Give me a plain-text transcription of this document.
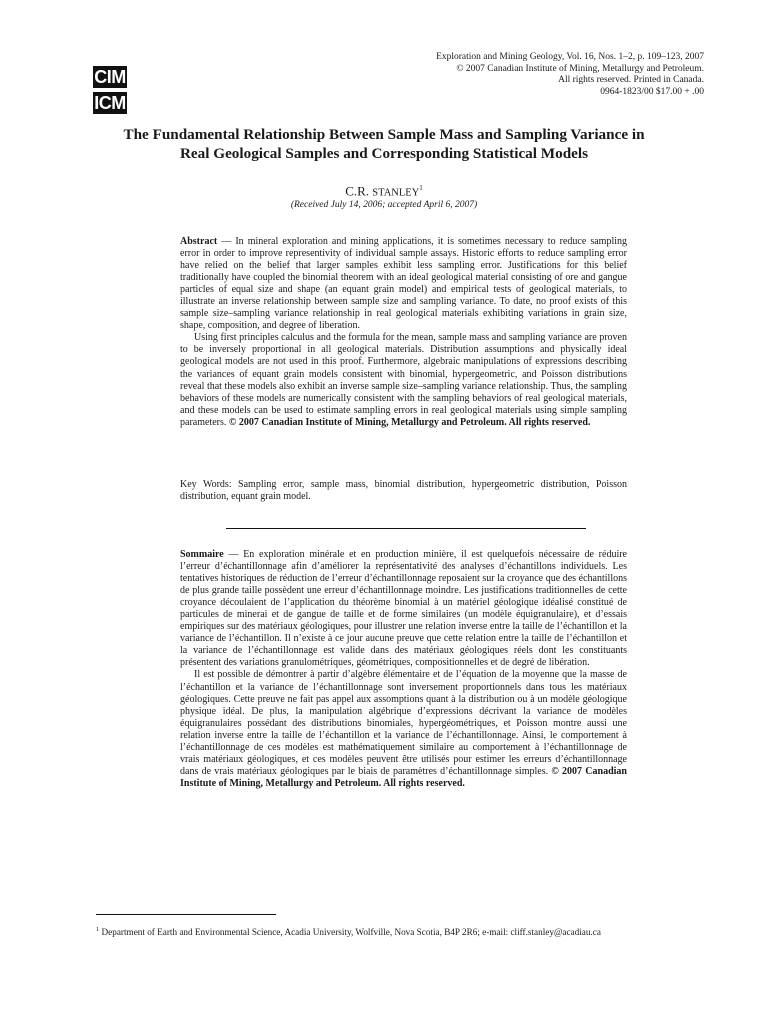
CIM
ICM
Exploration and Mining Geology, Vol. 16, Nos. 1–2, p. 109–123, 2007
© 2007 Canadian Institute of Mining, Metallurgy and Petroleum.
All rights reserved. Printed in Canada.
0964-1823/00 $17.00 + .00
The Fundamental Relationship Between Sample Mass and Sampling Variance in
Real Geological Samples and Corresponding Statistical Models
C.R. STANLEY$^1$
(Received July 14, 2006; accepted April 6, 2007)

Abstract — In mineral exploration and mining applications, it is sometimes necessary to reduce sampling error in order to improve representivity of individual sample assays. Historic efforts to reduce sampling error have relied on the belief that larger samples exhibit less sampling error. Justifications for this belief traditionally have coupled the binomial theorem with an ideal geological material consisting of ore and gangue particles of equal size and shape (an equant grain model) and empirical tests of geological materials, to illustrate an inverse relationship between sample size and sampling variance. To date, no proof exists of this sample size–sampling variance relationship in real geological materials exhibiting variations in grain size, shape, composition, and degree of liberation.

Using first principles calculus and the formula for the mean, sample mass and sampling variance are proven to be inversely proportional in all geological materials. Distribution assumptions and physically ideal geological models are not used in this proof. Furthermore, algebraic manipulations of expressions describing the variances of equant grain models consistent with binomial, hypergeometric, and Poisson distributions reveal that these models also exhibit an inverse sample size–sampling variance relationship. Thus, the sampling behaviors of these models are numerically consistent with the sampling behaviors of real geological materials, and these models can be used to estimate sampling errors in real geological materials using simple sampling parameters. © 2007 Canadian Institute of Mining, Metallurgy and Petroleum. All rights reserved.

Key Words: Sampling error, sample mass, binomial distribution, hypergeometric distribution, Poisson distribution, equant grain model.

Sommaire — En exploration minérale et en production minière, il est quelquefois nécessaire de réduire l’erreur d’échantillonnage afin d’améliorer la représentativité des analyses d’échantillons individuels. Les tentatives historiques de réduction de l’erreur d’échantillonnage reposaient sur la croyance que des échantillons de plus grande taille possèdent une erreur d’échantillonnage moindre. Les justifications traditionnelles de cette croyance découlaient de l’application du théorème binomial à un matériel géologique idéalisé constitué de particules de minerai et de gangue de taille et de forme similaires (un modèle équigranulaire), et d’essais empiriques sur des matériaux géologiques, pour illustrer une relation inverse entre la taille de l’échantillon et la variance de l’échantillon. Il n’existe à ce jour aucune preuve que cette relation entre la taille de l’échantillon et la variance de l’échantillonnage est valide dans des matériaux géologiques réels dont les constituants présentent des variations granulométriques, géométriques, compositionnelles et de degré de libération.

Il est possible de démontrer à partir d’algèbre élémentaire et de l’équation de la moyenne que la masse de l’échantillon et la variance de l’échantillonnage sont inversement proportionnels dans tous les matériaux géologiques. Cette preuve ne fait pas appel aux assomptions quant à la distribution ou à un modèle géologique physique idéal. De plus, la manipulation algébrique d’expressions décrivant la variance de modèles équigranulaires possédant des distributions binomiales, hypergéométriques, et Poisson montre aussi une relation inverse entre la taille de l’échantillon et la variance de l’échantillonnage. Ainsi, le comportement à l’échantillonnage de ces modèles est mathématiquement similaire au comportement à l’échantillonnage de vrais matériaux géologiques, et ces modèles peuvent être utilisés pour estimer les erreurs d’échantillonnage dans de vrais matériaux géologiques par le biais de paramètres d’échantillonnage simples. © 2007 Canadian Institute of Mining, Metallurgy and Petroleum. All rights reserved.

$^1$ Department of Earth and Environmental Science, Acadia University, Wolfville, Nova Scotia, B4P 2R6; e-mail: cliff.stanley@acadiau.ca
